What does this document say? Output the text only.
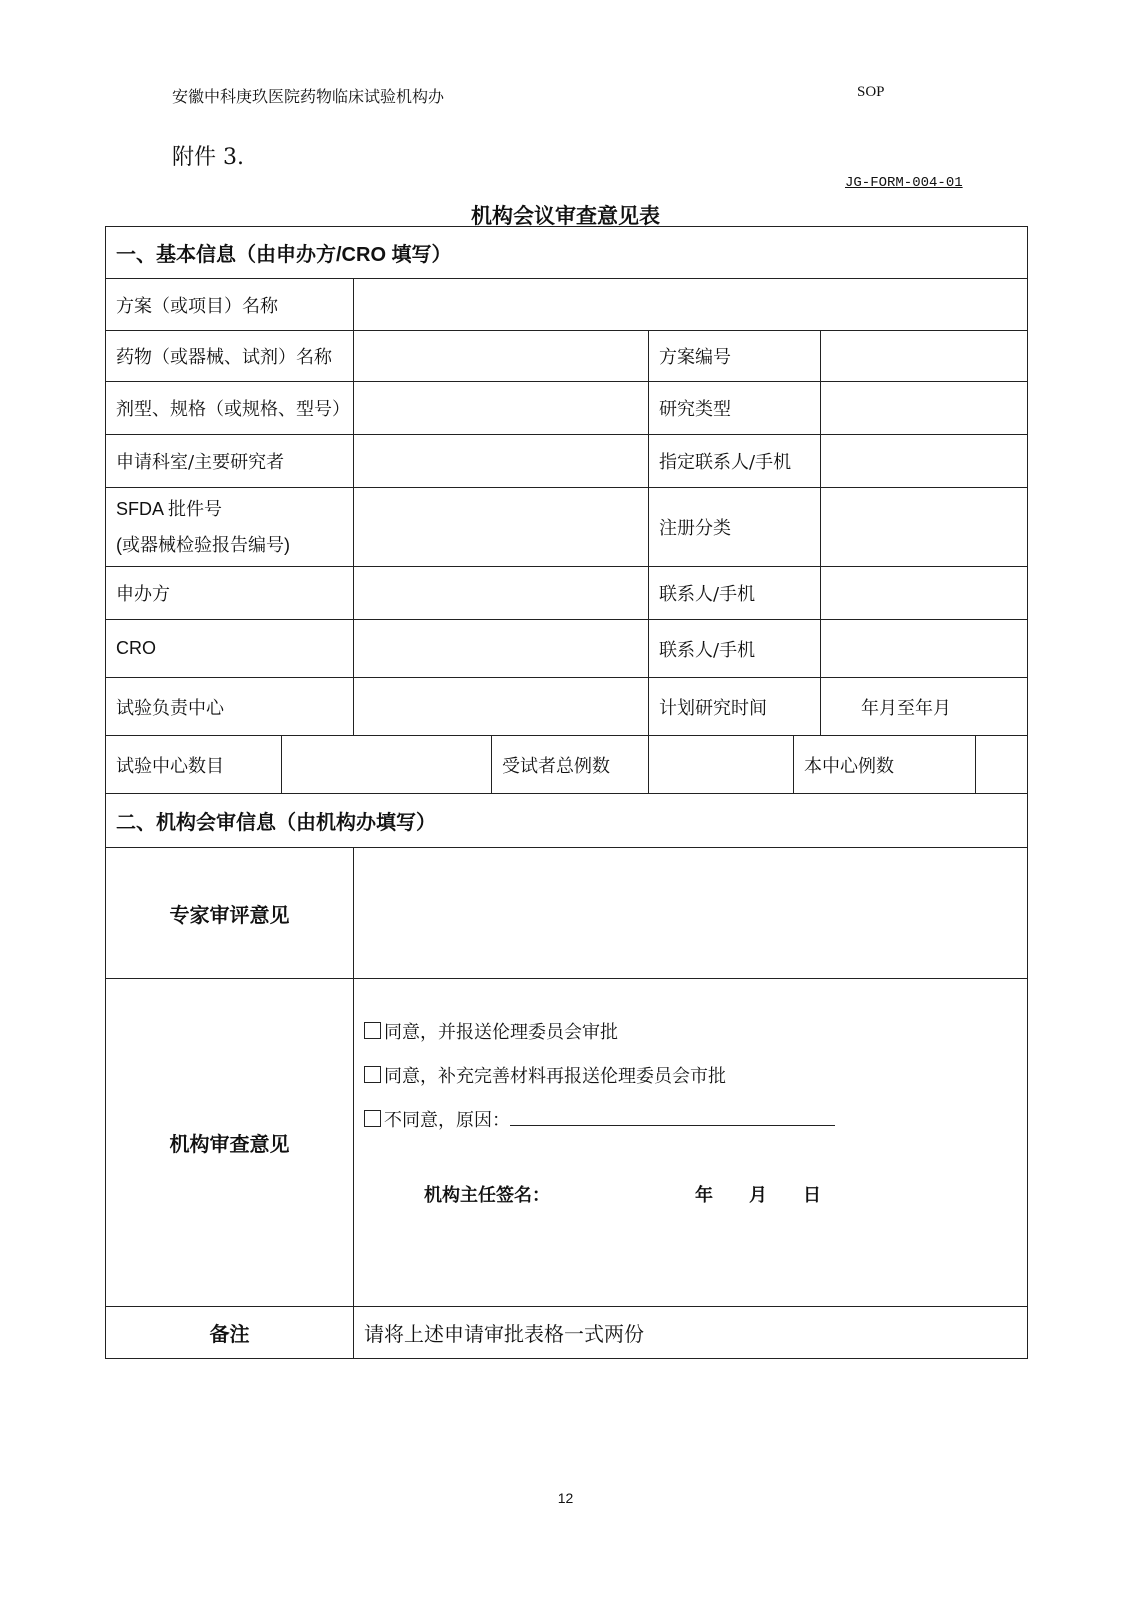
安徽中科庚玖医院药物临床试验机构办	SOP
附件 3.
JG-FORM-004-01
机构会议审查意见表
一、基本信息（由申办方/CRO 填写）							
方案（或项目）名称							
药物（或器械、试剂）名称				方案编号			
剂型、规格（或规格、型号）				研究类型			
申请科室/主要研究者				指定联系人/手机			

SFDA 批件号
(或器械检验报告编号)				注册分类			
申办方				联系人/手机			
CRO				联系人/手机			
试验负责中心				计划研究时间		年月至年月	
试验中心数目			受试者总例数		本中心例数		
二、机构会审信息（由机构办填写）							
专家审评意见							
机构审查意见		同意，并报送伦理委员会审批
同意，补充完善材料再报送伦理委员会市批
不同意，原因：
机构主任签名： 年 月 日					

备注		请将上述申请审批表格一式两份					
12
